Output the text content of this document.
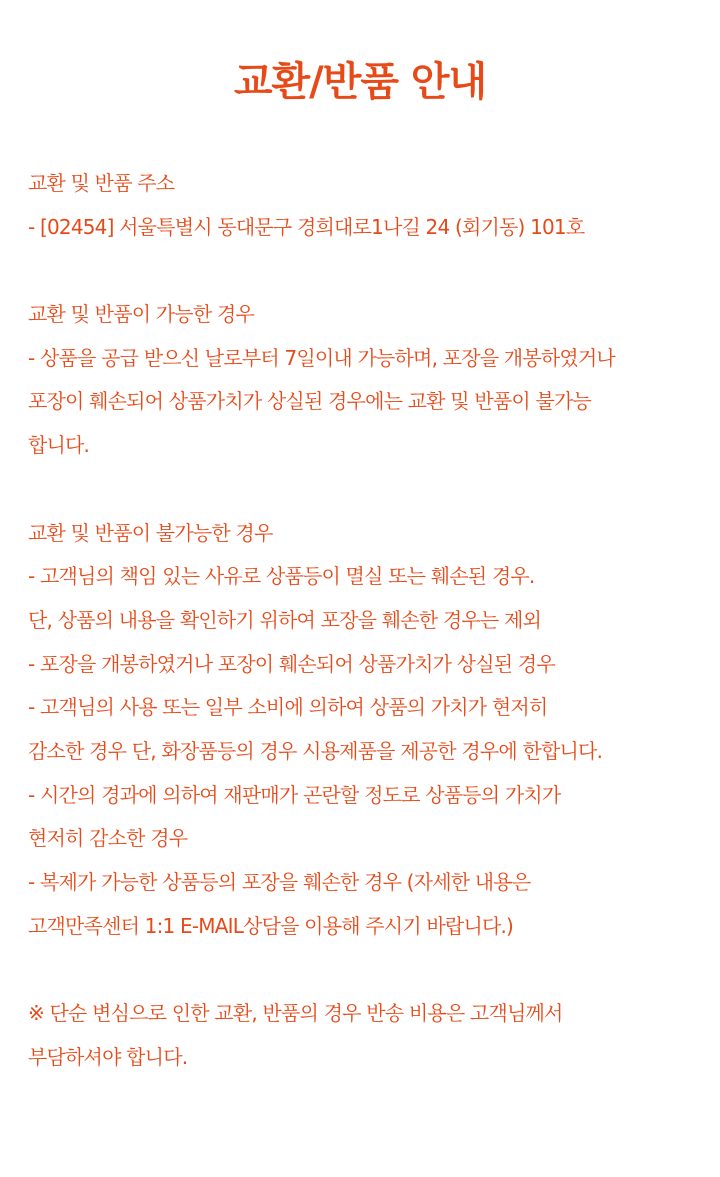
교환/반품 안내
교환 및 반품 주소
- [02454] 서울특별시 동대문구 경희대로1나길 24 (회기동) 101호
교환 및 반품이 가능한 경우
- 상품을 공급 받으신 날로부터 7일이내 가능하며, 포장을 개봉하였거나
포장이 훼손되어 상품가치가 상실된 경우에는 교환 및 반품이 불가능
합니다.
교환 및 반품이 불가능한 경우
- 고객님의 책임 있는 사유로 상품등이 멸실 또는 훼손된 경우.
단, 상품의 내용을 확인하기 위하여 포장을 훼손한 경우는 제외
- 포장을 개봉하였거나 포장이 훼손되어 상품가치가 상실된 경우
- 고객님의 사용 또는 일부 소비에 의하여 상품의 가치가 현저히
감소한 경우 단, 화장품등의 경우 시용제품을 제공한 경우에 한합니다.
- 시간의 경과에 의하여 재판매가 곤란할 정도로 상품등의 가치가
현저히 감소한 경우
- 복제가 가능한 상품등의 포장을 훼손한 경우 (자세한 내용은
고객만족센터 1:1 E-MAIL상담을 이용해 주시기 바랍니다.)
※ 단순 변심으로 인한 교환, 반품의 경우 반송 비용은 고객님께서
부담하셔야 합니다.
